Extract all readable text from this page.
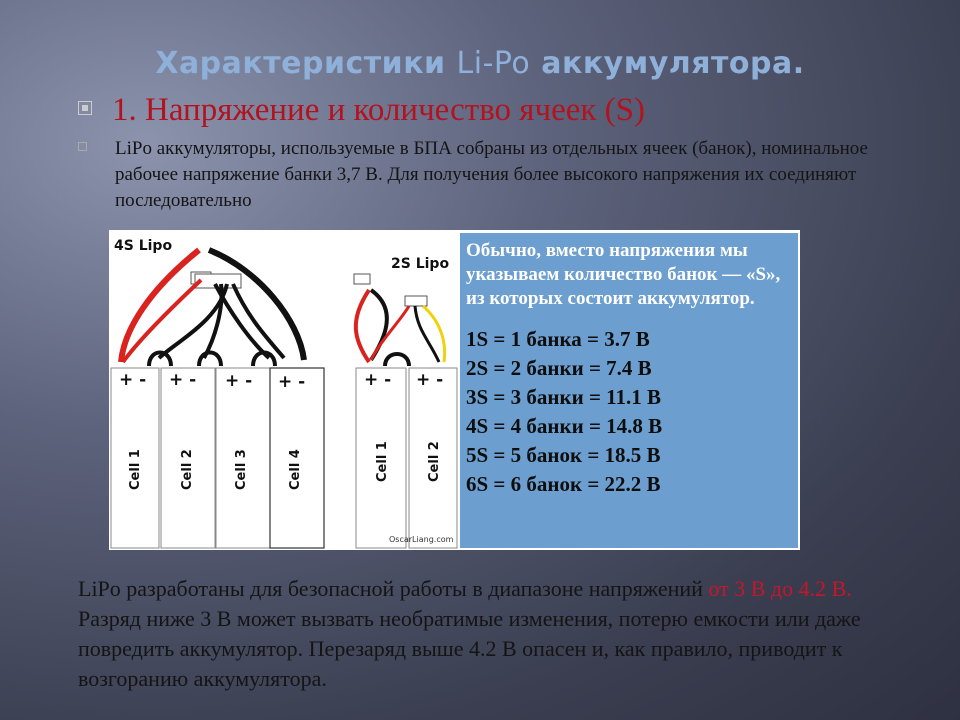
Характеристики Li-Po аккумулятора.
1. Напряжение и количество ячеек (S)
LiPo аккумуляторы, используемые в БПА собраны из отдельных ячеек (банок), номинальное рабочее напряжение банки 3,7 В. Для получения более высокого напряжения их соединяют последовательно
4S Lipo
+ - + - + - + -
Cell 1	Cell 2	Cell 3	Cell 4
2S Lipo
+ - + -
Cell 1	Cell 2
OscarLiang.com
Обычно, вместо напряжения мы указываем количество банок — «S», из которых состоит аккумулятор.
1S = 1 банка = 3.7 В
2S = 2 банки = 7.4 В
3S = 3 банки = 11.1 В
4S = 4 банки = 14.8 В
5S = 5 банок = 18.5 В
6S = 6 банок = 22.2 В
LiPo разработаны для безопасной работы в диапазоне напряжений от 3 В до 4.2 В. Разряд ниже 3 В может вызвать необратимые изменения, потерю емкости или даже повредить аккумулятор. Перезаряд выше 4.2 В опасен и, как правило, приводит к возгоранию аккумулятора.
